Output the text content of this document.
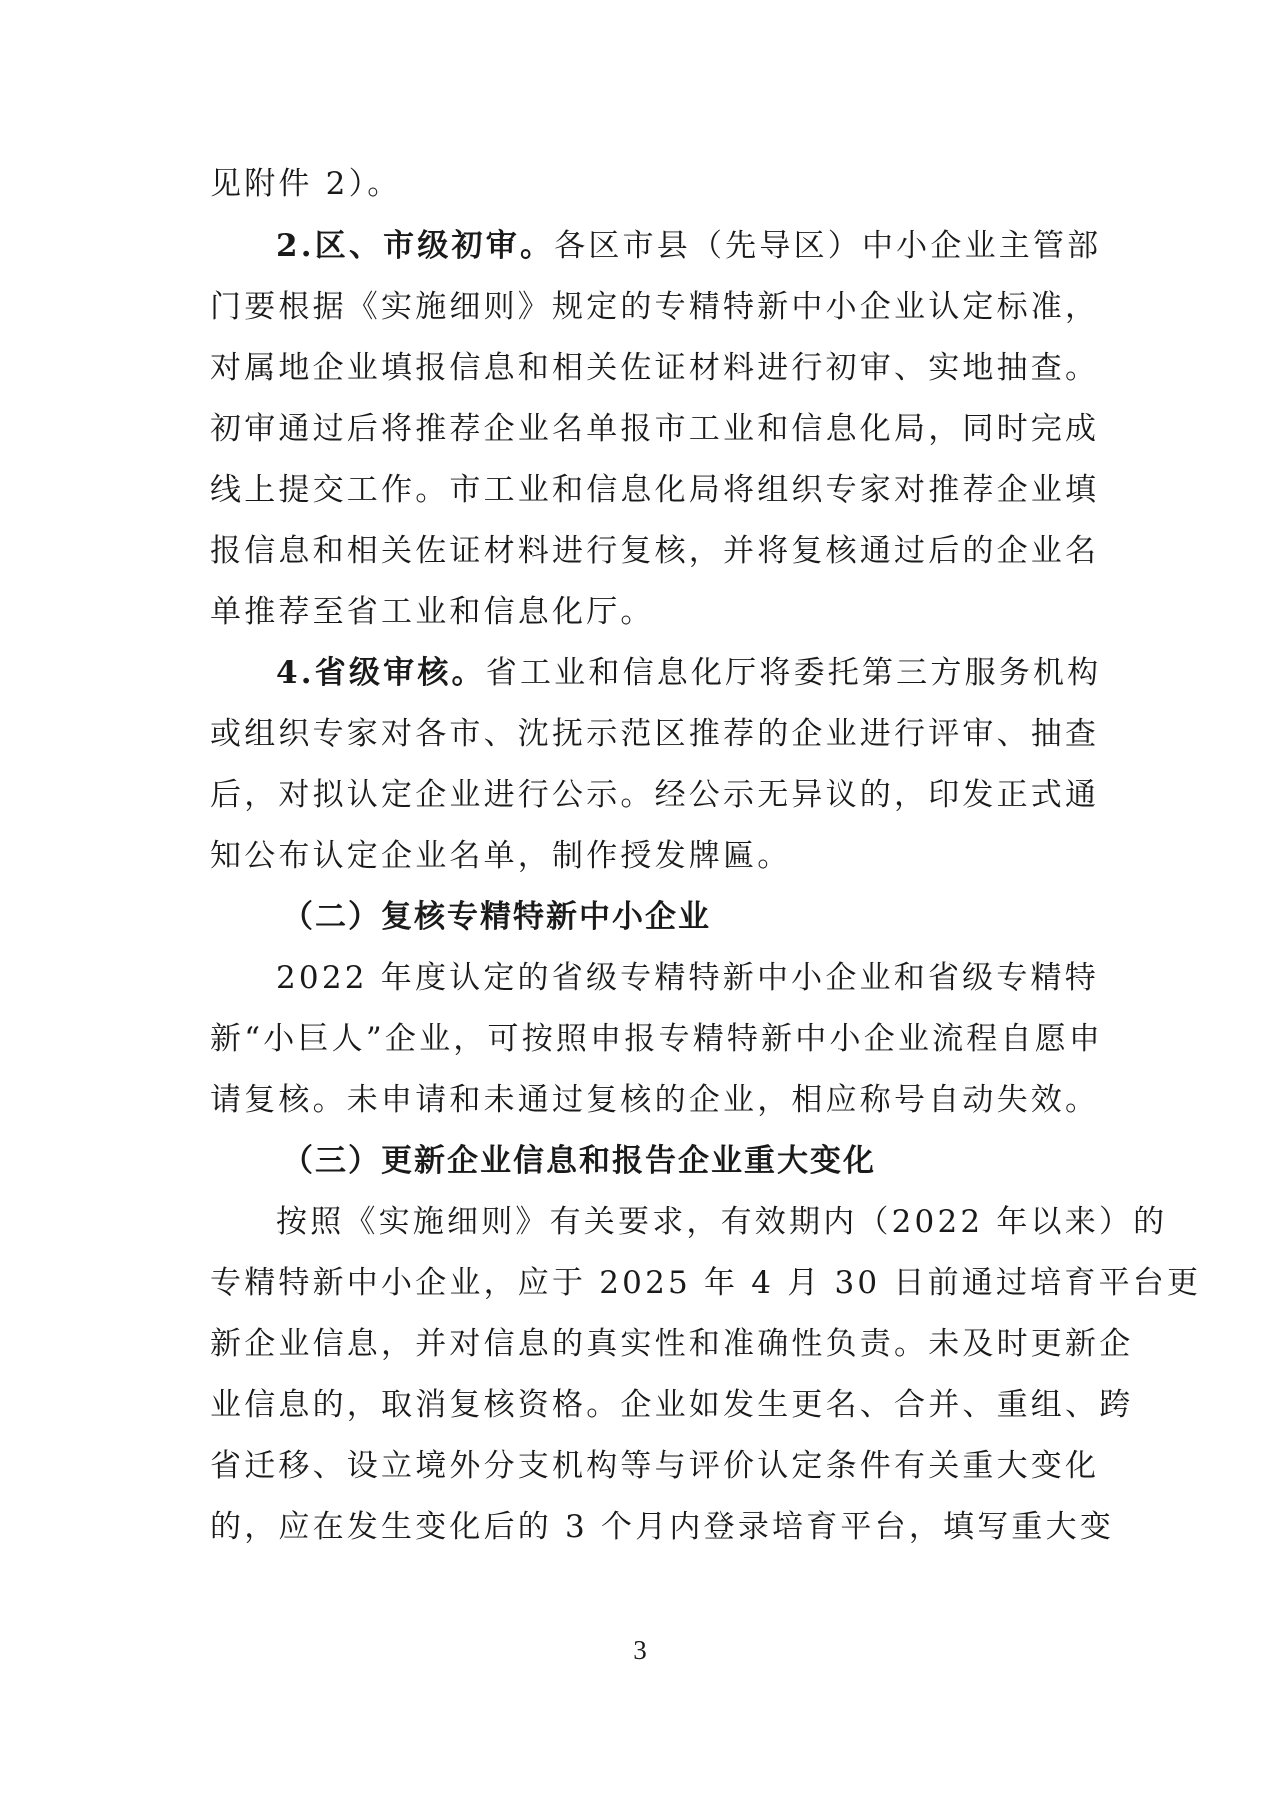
见附件 2）。
2.区、市级初审。各区市县（先导区）中小企业主管部
门要根据《实施细则》规定的专精特新中小企业认定标准，
对属地企业填报信息和相关佐证材料进行初审、实地抽查。
初审通过后将推荐企业名单报市工业和信息化局，同时完成
线上提交工作。市工业和信息化局将组织专家对推荐企业填
报信息和相关佐证材料进行复核，并将复核通过后的企业名
单推荐至省工业和信息化厅。
4.省级审核。省工业和信息化厅将委托第三方服务机构
或组织专家对各市、沈抚示范区推荐的企业进行评审、抽查
后，对拟认定企业进行公示。经公示无异议的，印发正式通
知公布认定企业名单，制作授发牌匾。
（二）复核专精特新中小企业
2022 年度认定的省级专精特新中小企业和省级专精特
新“小巨人”企业，可按照申报专精特新中小企业流程自愿申
请复核。未申请和未通过复核的企业，相应称号自动失效。
（三）更新企业信息和报告企业重大变化
按照《实施细则》有关要求，有效期内（2022 年以来）的
专精特新中小企业，应于 2025 年 4 月 30 日前通过培育平台更
新企业信息，并对信息的真实性和准确性负责。未及时更新企
业信息的，取消复核资格。企业如发生更名、合并、重组、跨
省迁移、设立境外分支机构等与评价认定条件有关重大变化
的，应在发生变化后的 3 个月内登录培育平台，填写重大变
3
